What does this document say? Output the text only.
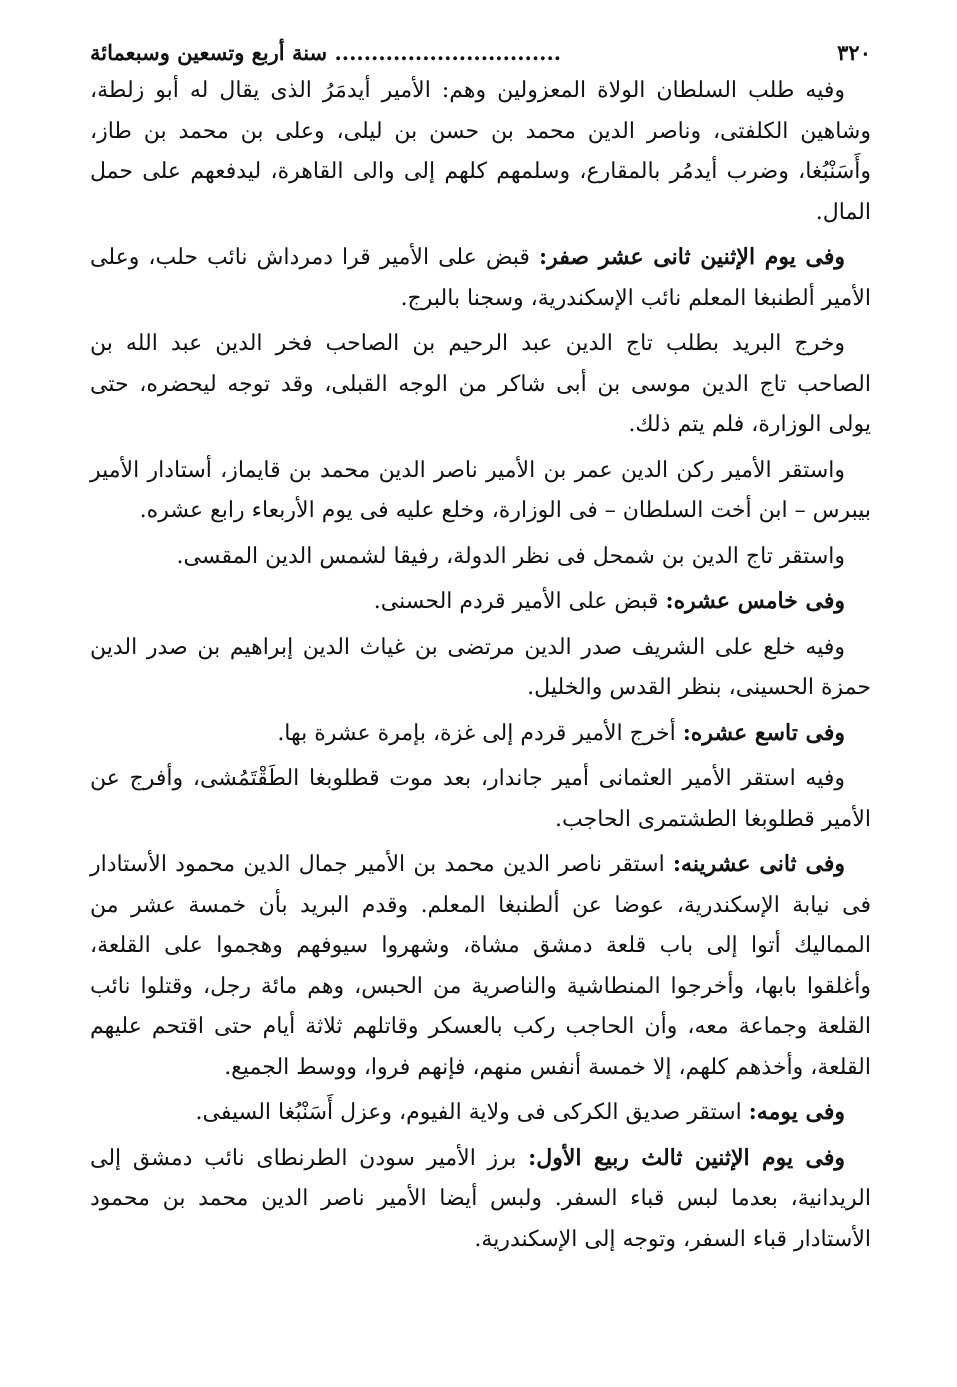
٣٢٠
............................... سنة أربع وتسعين وسبعمائة

وفيه طلب السلطان الولاة المعزولين وهم: الأمير أيدمَرُ الذى يقال له أبو زلطة، وشاهين الكلفتى، وناصر الدين محمد بن حسن بن ليلى، وعلى بن محمد بن طاز، وأَسَنْبُغا، وضرب أيدمُر بالمقارع، وسلمهم كلهم إلى والى القاهرة، ليدفعهم على حمل المال.

وفى يوم الإثنين ثانى عشر صفر: قبض على الأمير قرا دمرداش نائب حلب، وعلى الأمير ألطنبغا المعلم نائب الإسكندرية، وسجنا بالبرج.

وخرج البريد بطلب تاج الدين عبد الرحيم بن الصاحب فخر الدين عبد الله بن الصاحب تاج الدين موسى بن أبى شاكر من الوجه القبلى، وقد توجه ليحضره، حتى يولى الوزارة، فلم يتم ذلك.

واستقر الأمير ركن الدين عمر بن الأمير ناصر الدين محمد بن قايماز، أستادار الأمير بيبرس – ابن أخت السلطان – فى الوزارة، وخلع عليه فى يوم الأربعاء رابع عشره.

واستقر تاج الدين بن شمحل فى نظر الدولة، رفيقا لشمس الدين المقسى.

وفى خامس عشره: قبض على الأمير قردم الحسنى.

وفيه خلع على الشريف صدر الدين مرتضى بن غياث الدين إبراهيم بن صدر الدين حمزة الحسينى، بنظر القدس والخليل.

وفى تاسع عشره: أخرج الأمير قردم إلى غزة، بإمرة عشرة بها.

وفيه استقر الأمير العثمانى أمير جاندار، بعد موت قطلوبغا الطَقْتَمُشى، وأفرج عن الأمير قطلوبغا الطشتمرى الحاجب.

وفى ثانى عشرينه: استقر ناصر الدين محمد بن الأمير جمال الدين محمود الأستادار فى نيابة الإسكندرية، عوضا عن ألطنبغا المعلم. وقدم البريد بأن خمسة عشر من المماليك أتوا إلى باب قلعة دمشق مشاة، وشهروا سيوفهم وهجموا على القلعة، وأغلقوا بابها، وأخرجوا المنطاشية والناصرية من الحبس، وهم مائة رجل، وقتلوا نائب القلعة وجماعة معه، وأن الحاجب ركب بالعسكر وقاتلهم ثلاثة أيام حتى اقتحم عليهم القلعة، وأخذهم كلهم، إلا خمسة أنفس منهم، فإنهم فروا، ووسط الجميع.

وفى يومه: استقر صديق الكركى فى ولاية الفيوم، وعزل أَسَنْبُغا السيفى.

وفى يوم الإثنين ثالث ربيع الأول: برز الأمير سودن الطرنطاى نائب دمشق إلى الريدانية، بعدما لبس قباء السفر. ولبس أيضا الأمير ناصر الدين محمد بن محمود الأستادار قباء السفر، وتوجه إلى الإسكندرية.
